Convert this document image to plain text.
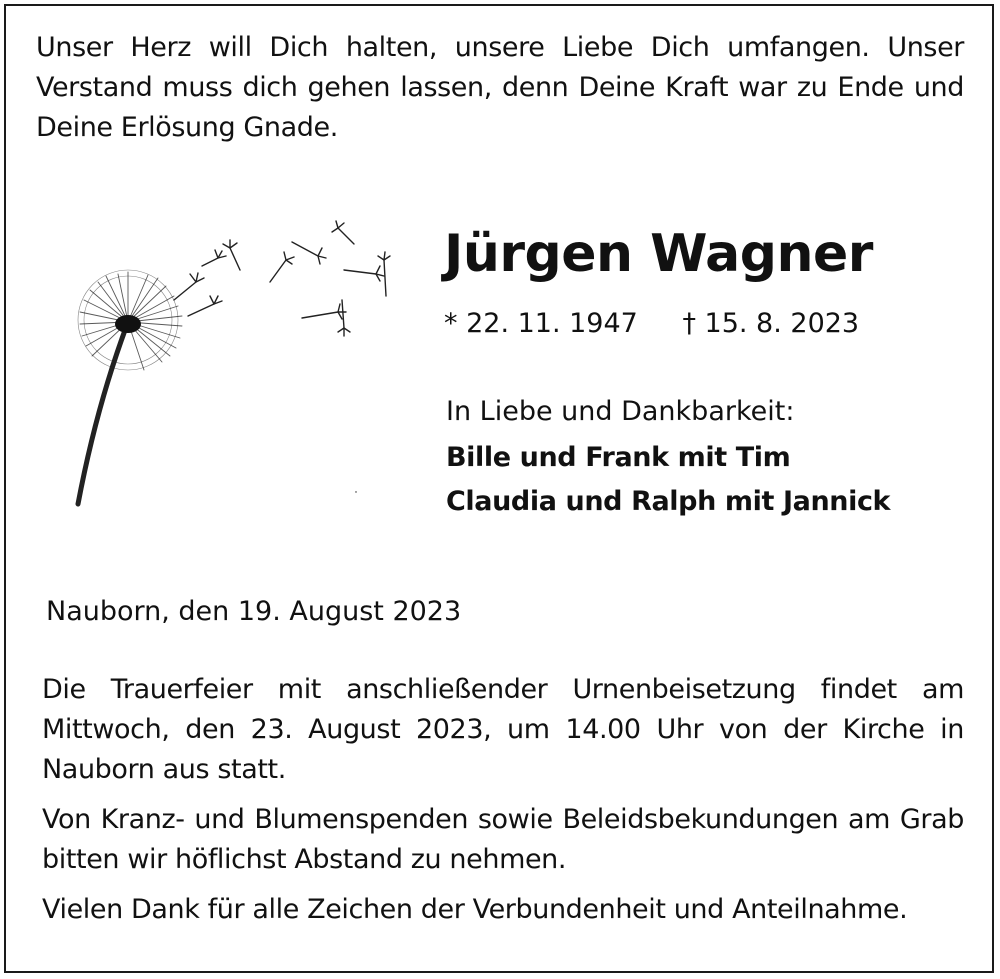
Unser Herz will Dich halten, unsere Liebe Dich umfangen. Unser Verstand muss dich gehen lassen, denn Deine Kraft war zu Ende und Deine Erlösung Gnade.
Jürgen Wagner
* 22. 11. 1947 † 15. 8. 2023
In Liebe und Dankbarkeit:
Bille und Frank mit Tim
Claudia und Ralph mit Jannick
Nauborn, den 19. August 2023
Die Trauerfeier mit anschließender Urnenbeisetzung findet am Mittwoch, den 23. August 2023, um 14.00 Uhr von der Kirche in Nauborn aus statt.
Von Kranz- und Blumenspenden sowie Beleidsbekundungen am Grab bitten wir höflichst Abstand zu nehmen.
Vielen Dank für alle Zeichen der Verbundenheit und Anteilnahme.
